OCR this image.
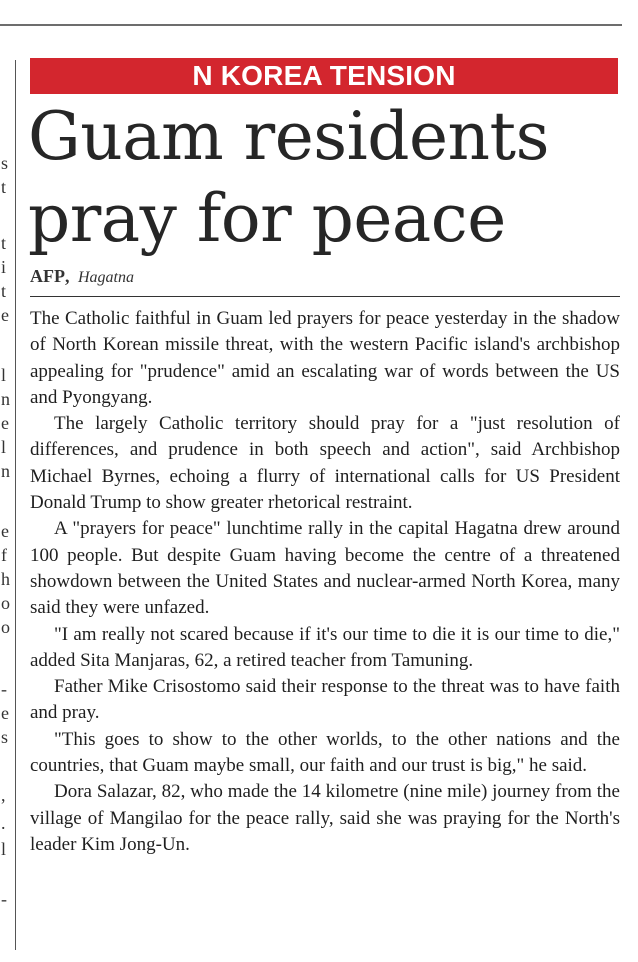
s
t
t
i
t
e
l
n
e
l
n
e
f
h
o
o
-
e
s
,
.
l
-
N KOREA TENSION
Guam residents pray for peace
AFP, Hagatna

The Catholic faithful in Guam led prayers for peace yesterday in the shadow of North Korean missile threat, with the western Pacific island's archbishop appealing for "prudence" amid an escalating war of words between the US and Pyongyang.

The largely Catholic territory should pray for a "just resolution of differences, and prudence in both speech and action", said Archbishop Michael Byrnes, echoing a flurry of international calls for US President Donald Trump to show greater rhetorical restraint.

A "prayers for peace" lunchtime rally in the capital Hagatna drew around 100 people. But despite Guam having become the centre of a threatened showdown between the United States and nuclear-armed North Korea, many said they were unfazed.

"I am really not scared because if it's our time to die it is our time to die," added Sita Manjaras, 62, a retired teacher from Tamuning.

Father Mike Crisostomo said their response to the threat was to have faith and pray.

"This goes to show to the other worlds, to the other nations and the countries, that Guam maybe small, our faith and our trust is big," he said.

Dora Salazar, 82, who made the 14 kilometre (nine mile) journey from the village of Mangilao for the peace rally, said she was praying for the North's leader Kim Jong-Un.
